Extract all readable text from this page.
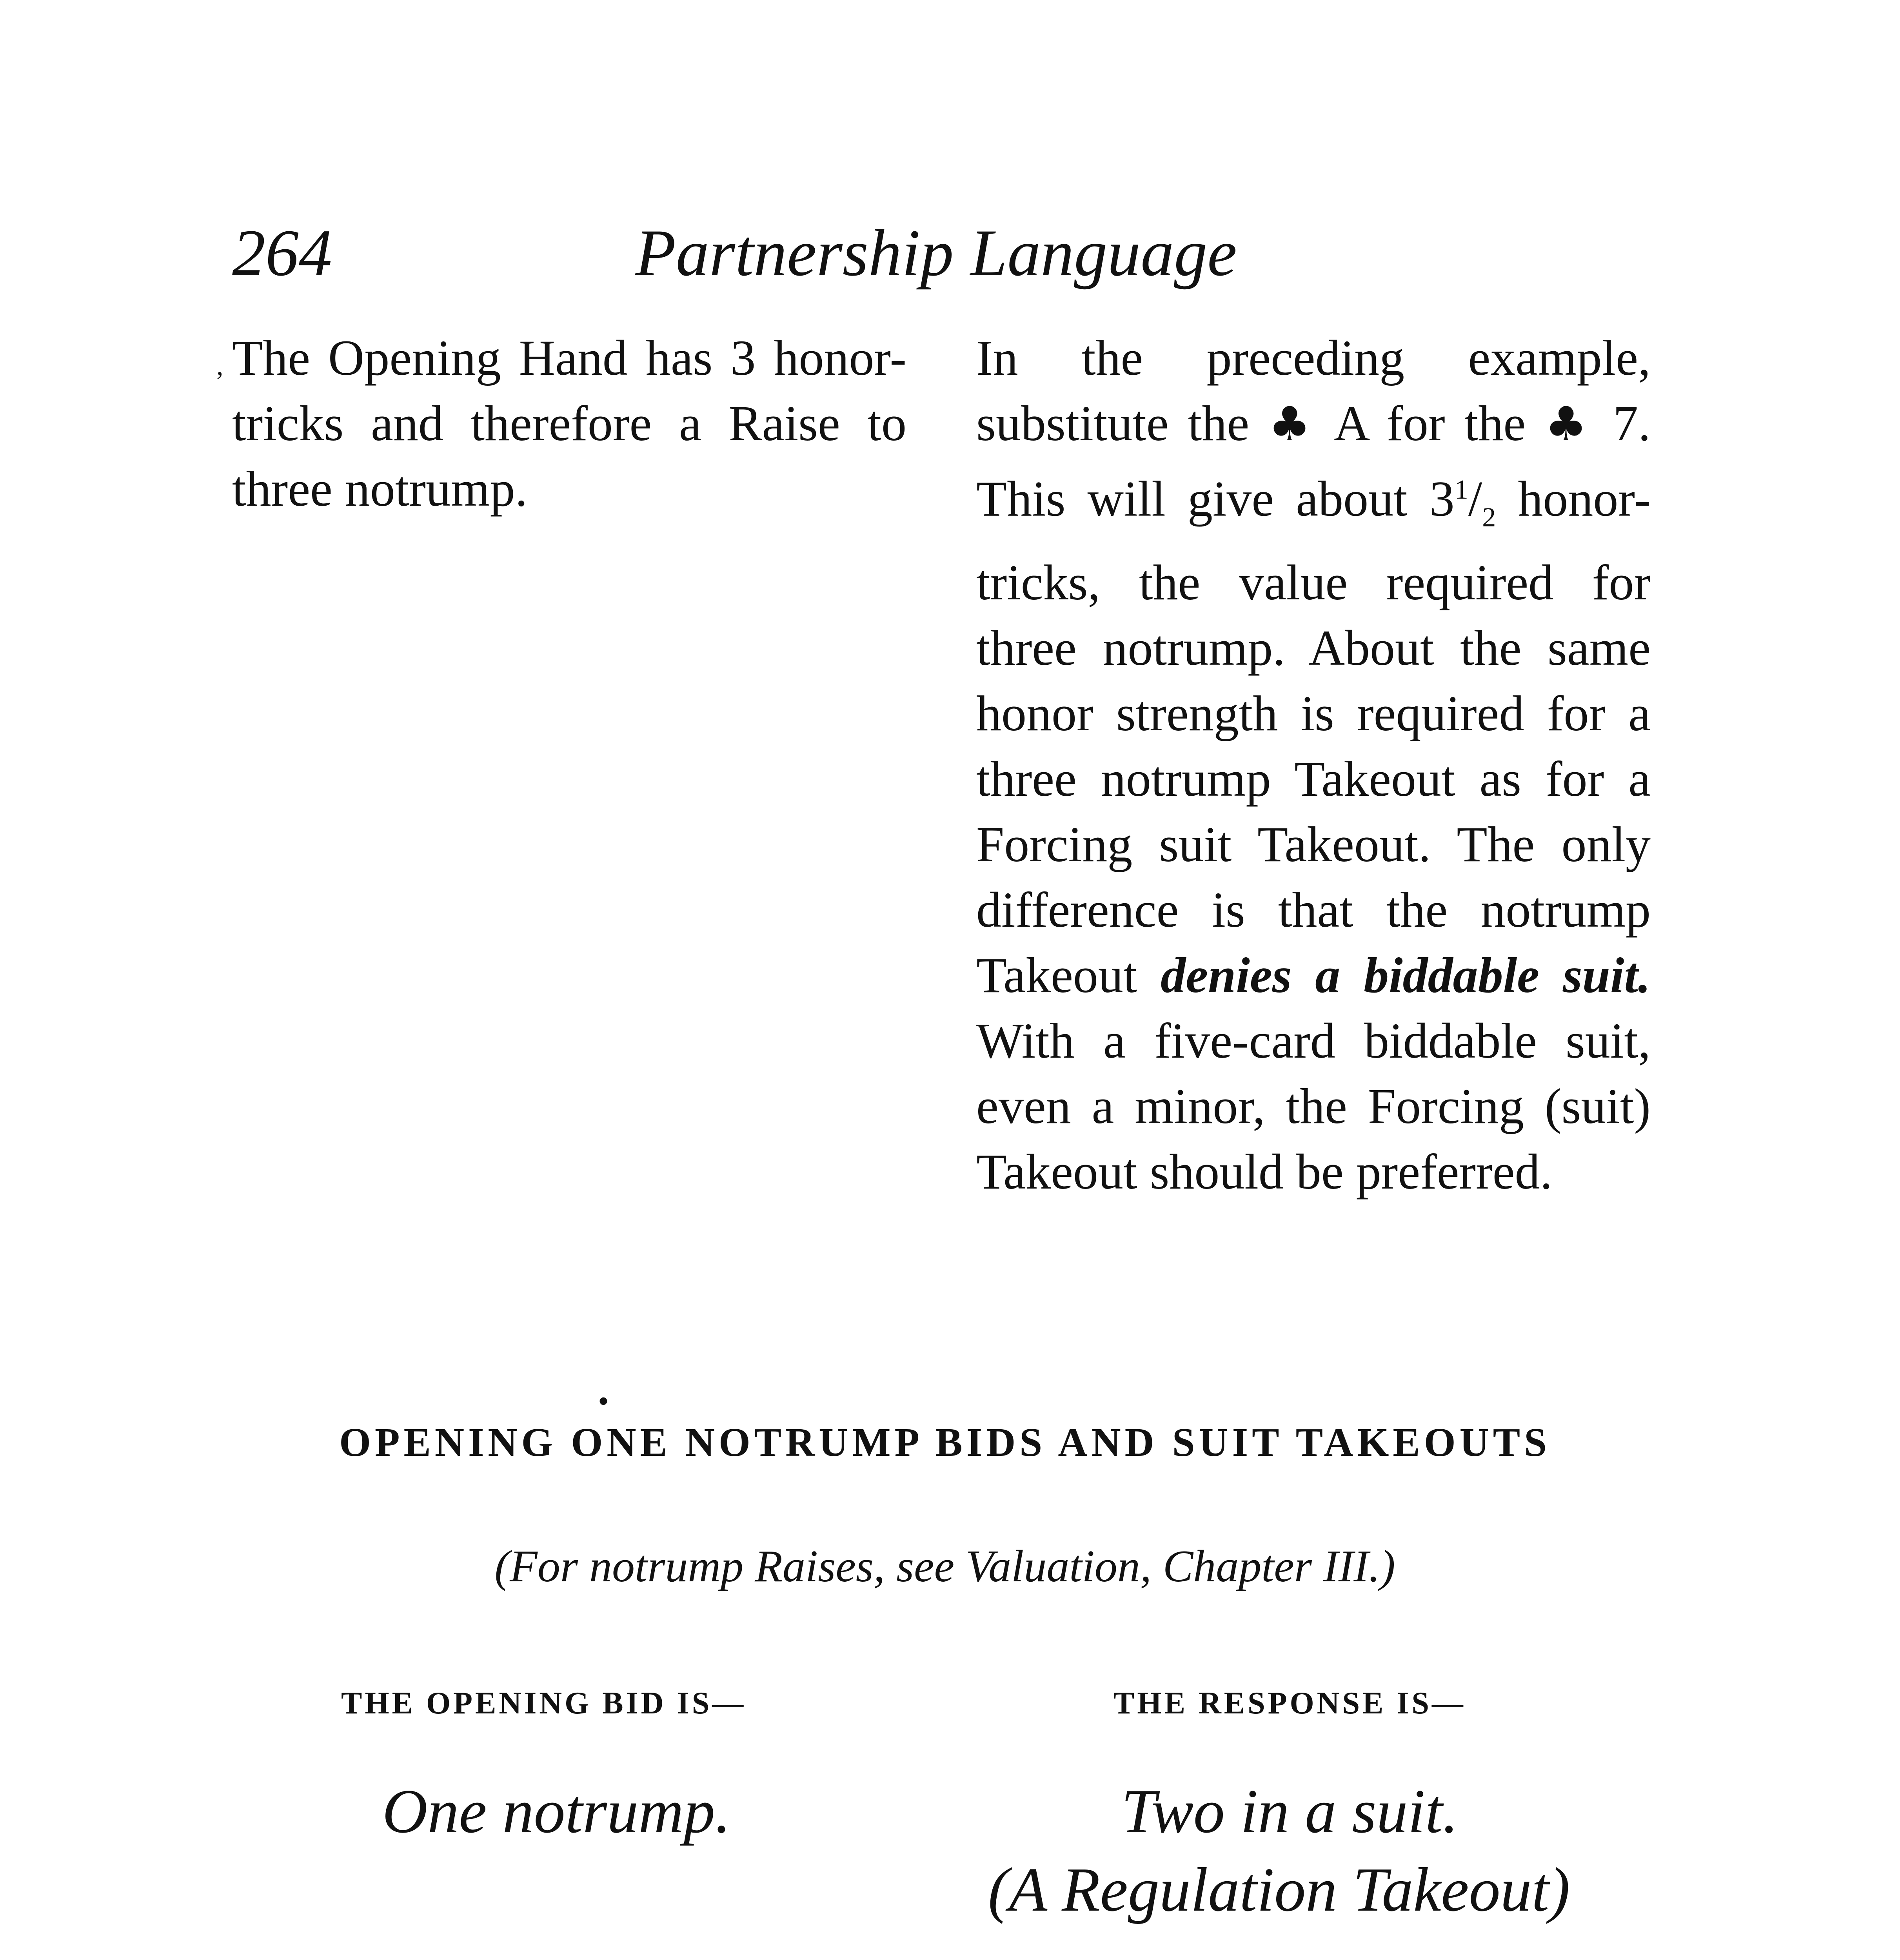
264	Partnership Language
, The Opening Hand has 3 honor-tricks and therefore a Raise to three notrump.
In the preceding example, substitute the ♣ A for the ♣ 7. This will give about $3^1/_2$ honor-tricks, the value required for three notrump. About the same honor strength is required for a three notrump Takeout as for a Forcing suit Takeout. The only difference is that the notrump Takeout denies a biddable suit. With a five-card biddable suit, even a minor, the Forcing (suit) Takeout should be preferred.
•
OPENING ONE NOTRUMP BIDS AND SUIT TAKEOUTS
(For notrump Raises, see Valuation, Chapter III.)
THE OPENING BID IS—	THE RESPONSE IS—
One notrump.	Two in a suit.
(A Regulation Takeout)
